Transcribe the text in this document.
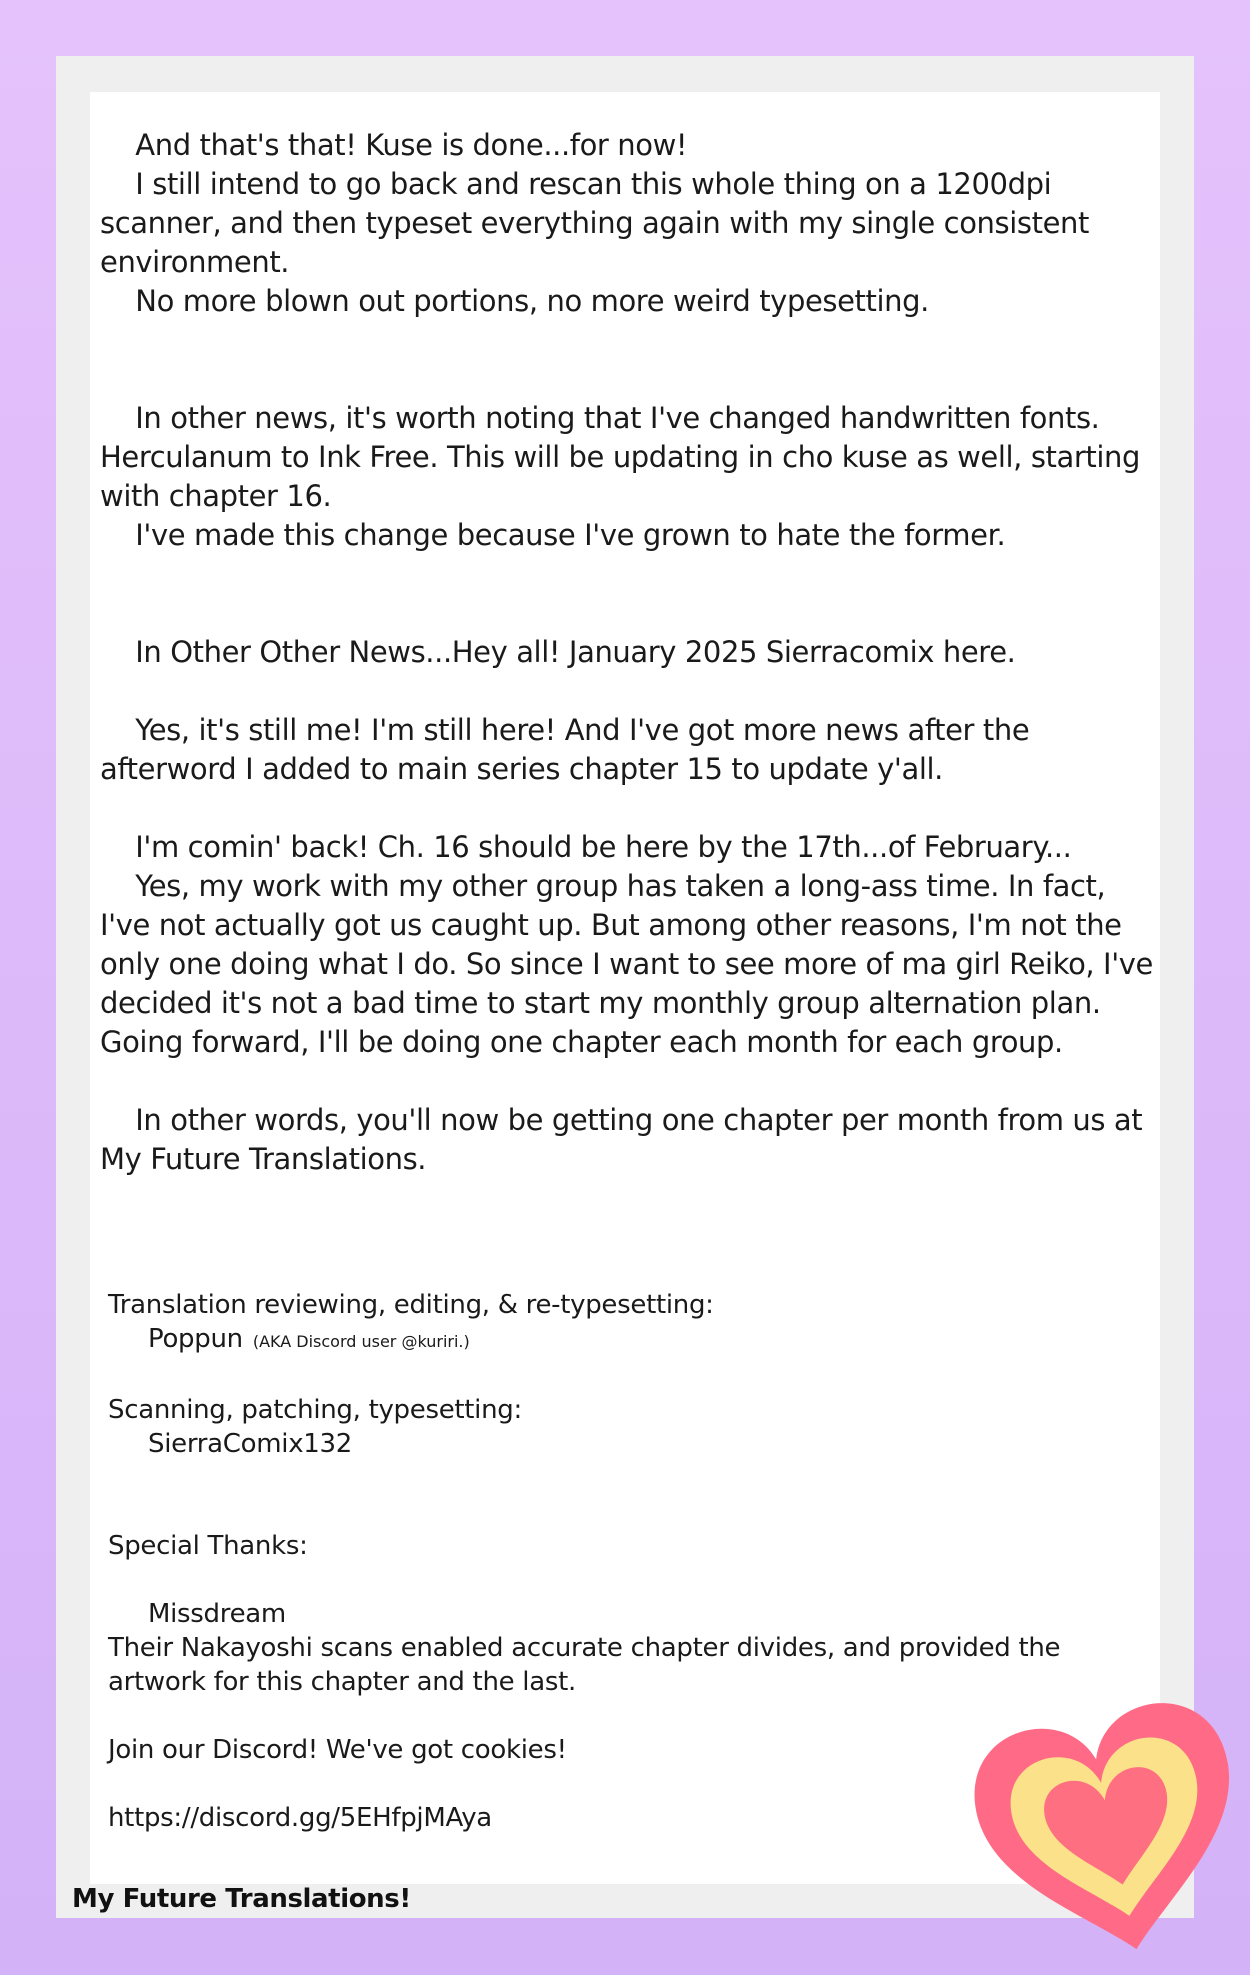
And that's that! Kuse is done...for now!

I still intend to go back and rescan this whole thing on a 1200dpi scanner, and then typeset everything again with my single consistent environment.

No more blown out portions, no more weird typesetting.

In other news, it's worth noting that I've changed handwritten fonts. Herculanum to Ink Free. This will be updating in cho kuse as well, starting with chapter 16.

I've made this change because I've grown to hate the former.

In Other Other News...Hey all! January 2025 Sierracomix here.

Yes, it's still me! I'm still here! And I've got more news after the afterword I added to main series chapter 15 to update y'all.

I'm comin' back! Ch. 16 should be here by the 17th...of February...

Yes, my work with my other group has taken a long-ass time. In fact, I've not actually got us caught up. But among other reasons, I'm not the only one doing what I do. So since I want to see more of ma girl Reiko, I've decided it's not a bad time to start my monthly group alternation plan. Going forward, I'll be doing one chapter each month for each group.

In other words, you'll now be getting one chapter per month from us at My Future Translations.

Translation reviewing, editing, & re-typesetting:

Poppun (AKA Discord user @kuriri.)

Scanning, patching, typesetting:

SierraComix132

Special Thanks:

Missdream

Their Nakayoshi scans enabled accurate chapter divides, and provided the artwork for this chapter and the last.

Join our Discord! We've got cookies!

https://discord.gg/5EHfpjMAya

My Future Translations!
